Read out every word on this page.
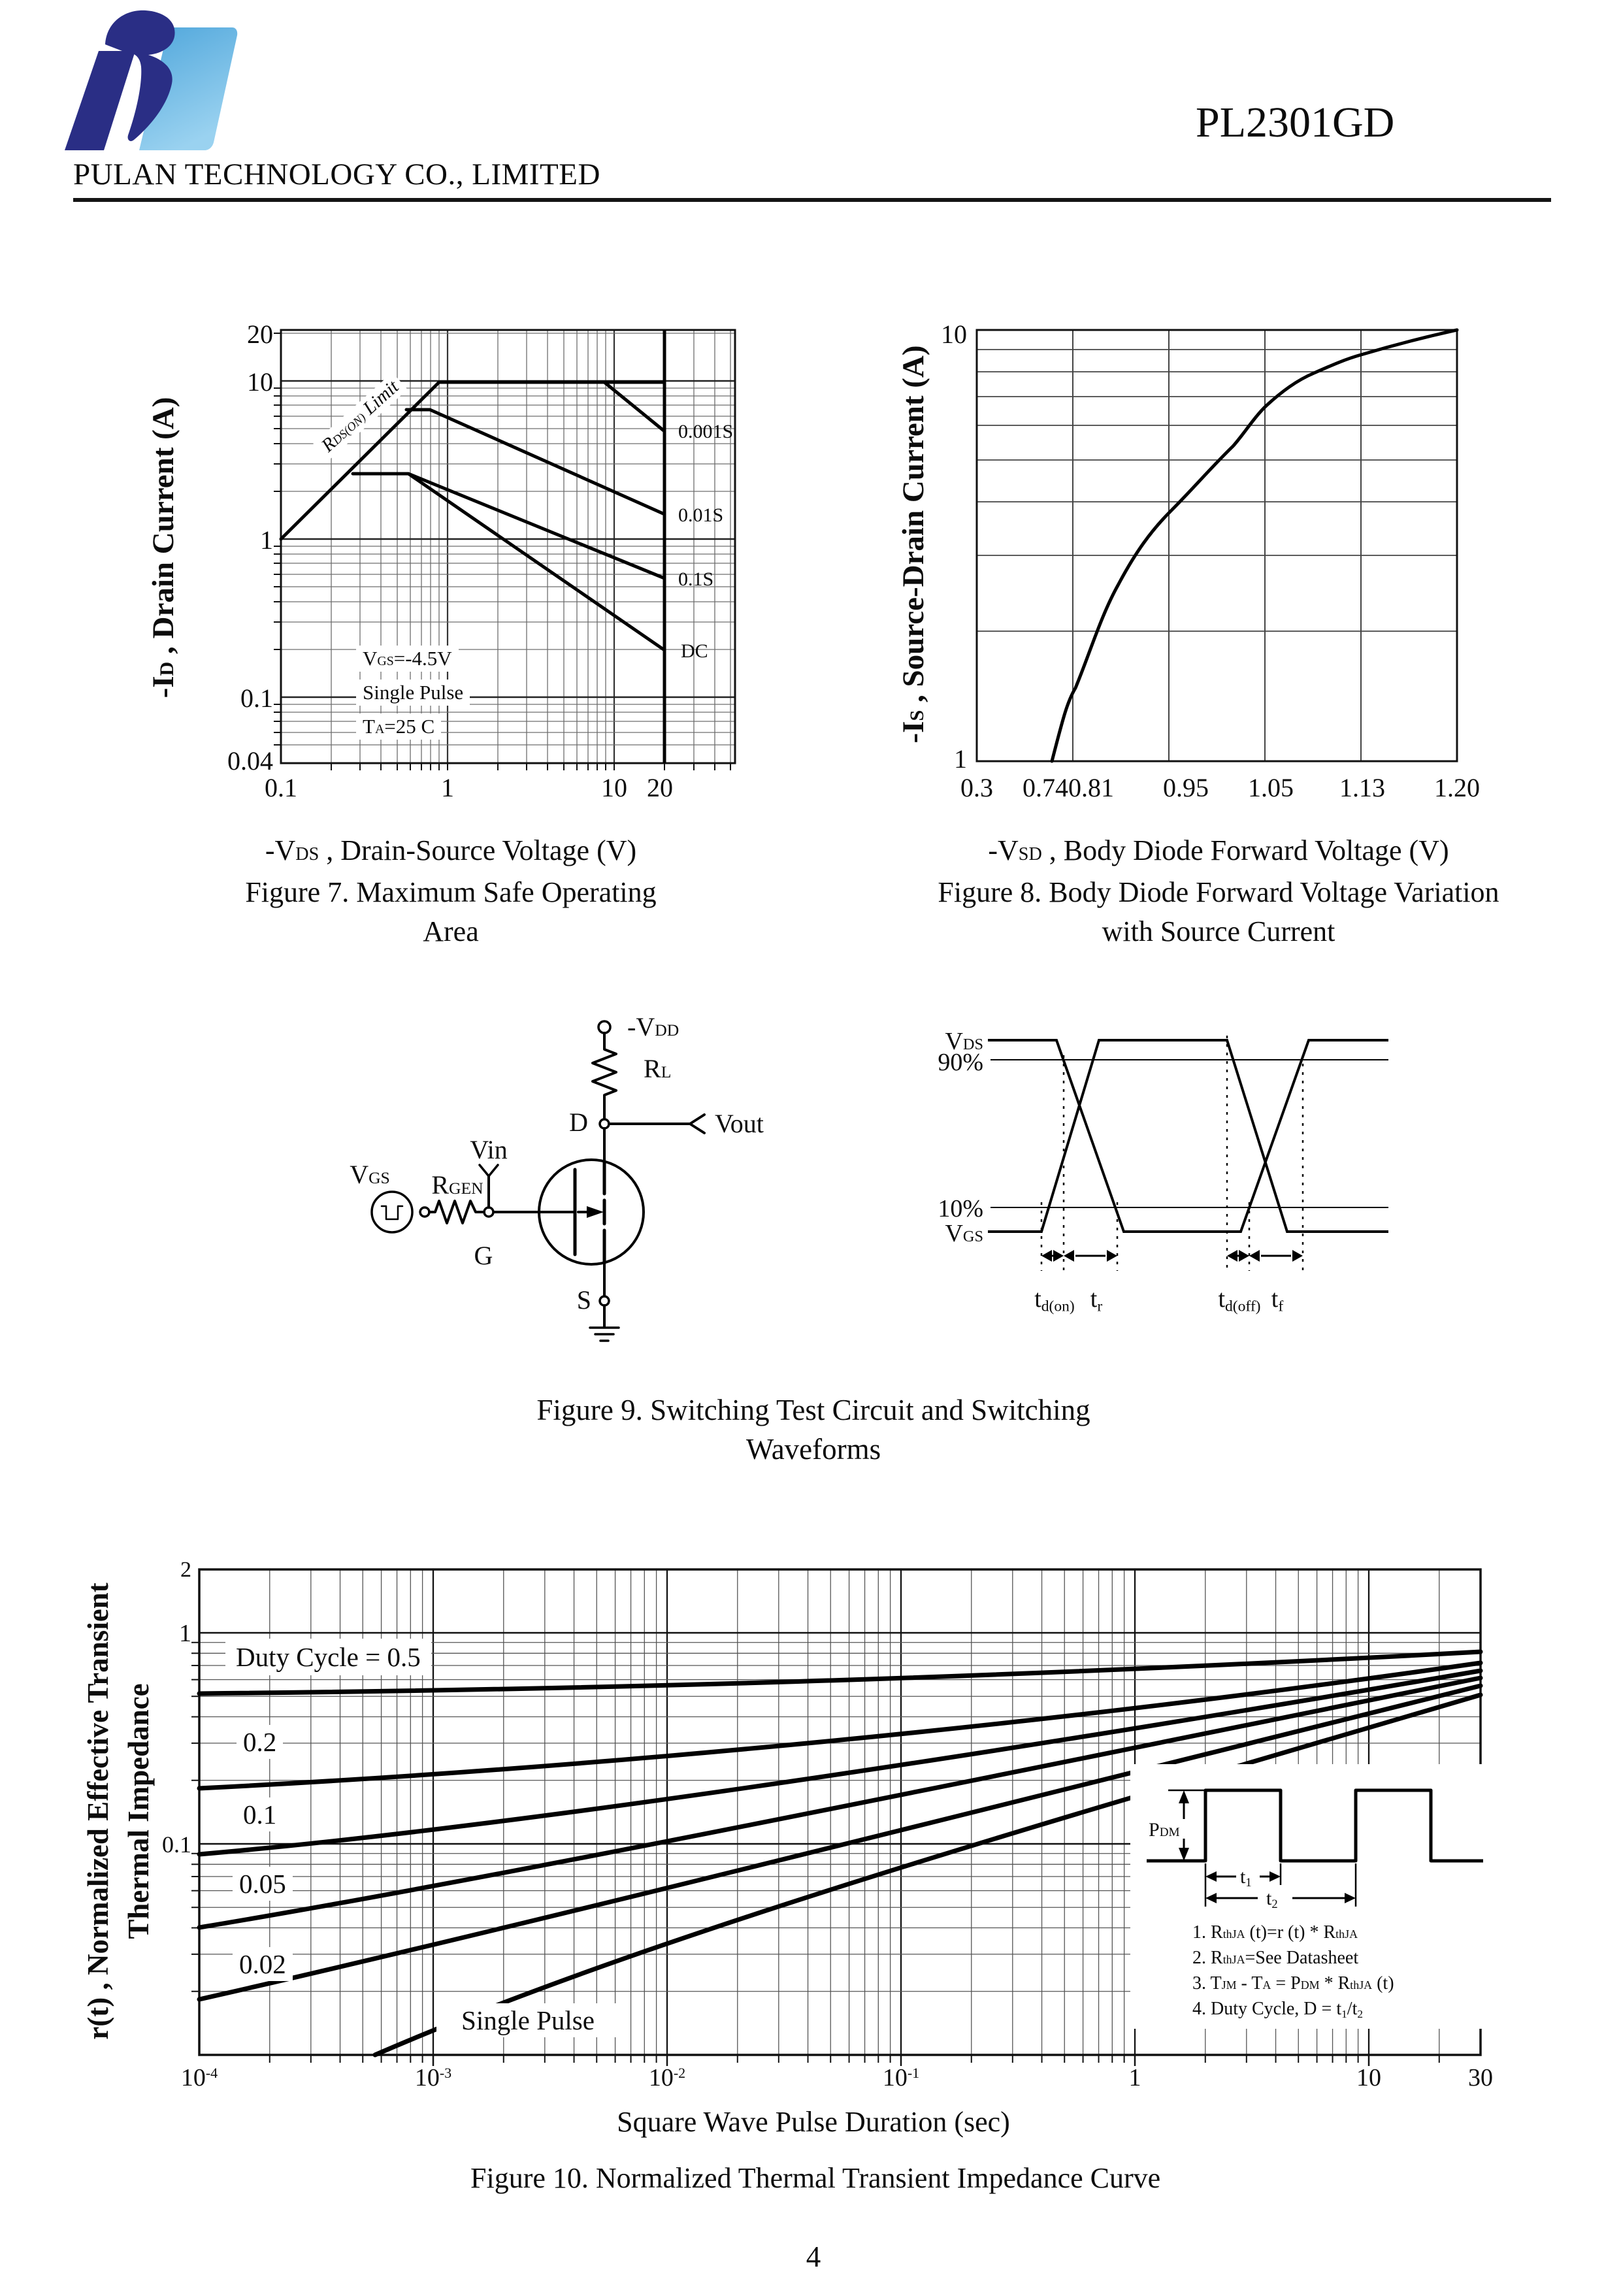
PULAN TECHNOLOGY CO., LIMITED
PL2301GD
-ID , Drain Current (A)
20
10
1
0.1
0.04
0.1	1	10 20
0.001S
0.01S
0.1S
DC
RDS(ON) Limit
VGS=-4.5V
Single Pulse
TA=25 C
-VDS , Drain-Source Voltage (V)
Figure 7. Maximum Safe Operating
Area
-IS , Source-Drain Current (A)
10
1
0.3	0.74 0.81	0.95	1.05	1.13	1.20
-VSD , Body Diode Forward Voltage (V)
Figure 8. Body Diode Forward Voltage Variation
with Source Current
-VDD
RL
D	Vout
Vin
VGS	RGEN
G
S
VDS
90%
10%
VGS
td(on) tr	td(off) tf
Figure 9. Switching Test Circuit and Switching
Waveforms
r(t) , Normalized Effective Transient Thermal Impedance	PDM
t1
t2
1. RthJA (t)=r (t) * RthJA
2. RthJA=See Datasheet
3. TJM - TA = PDM * RthJA (t)
4. Duty Cycle, D = t1/t2
Duty Cycle = 0.5
0.2
0.1
0.05
0.02
Single Pulse
2
1
0.1
$10^{-4}$	$10^{-3}$	$10^{-2}$	$10^{-1}$	1	10	30
Square Wave Pulse Duration (sec)
Figure 10. Normalized Thermal Transient Impedance Curve
4
